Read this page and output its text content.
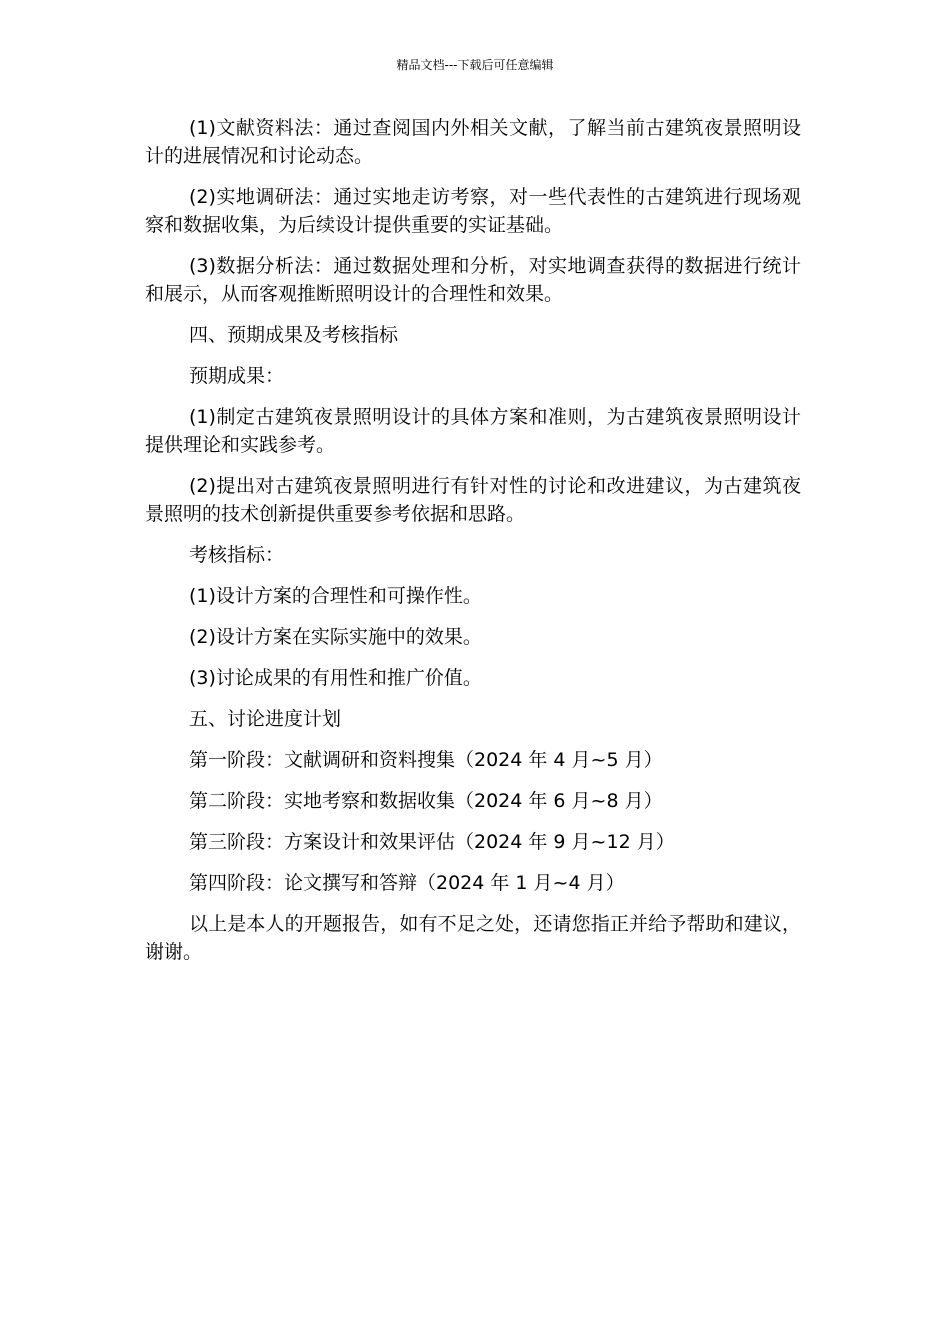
精品文档---下载后可任意编辑

(1)文献资料法：通过查阅国内外相关文献，了解当前古建筑夜景照明设计的进展情况和讨论动态。

(2)实地调研法：通过实地走访考察，对一些代表性的古建筑进行现场观察和数据收集，为后续设计提供重要的实证基础。

(3)数据分析法：通过数据处理和分析，对实地调查获得的数据进行统计和展示，从而客观推断照明设计的合理性和效果。

四、预期成果及考核指标

预期成果：

(1)制定古建筑夜景照明设计的具体方案和准则，为古建筑夜景照明设计提供理论和实践参考。

(2)提出对古建筑夜景照明进行有针对性的讨论和改进建议，为古建筑夜景照明的技术创新提供重要参考依据和思路。

考核指标：

(1)设计方案的合理性和可操作性。

(2)设计方案在实际实施中的效果。

(3)讨论成果的有用性和推广价值。

五、讨论进度计划

第一阶段：文献调研和资料搜集（2024 年 4 月~5 月）

第二阶段：实地考察和数据收集（2024 年 6 月~8 月）

第三阶段：方案设计和效果评估（2024 年 9 月~12 月）

第四阶段：论文撰写和答辩（2024 年 1 月~4 月）

以上是本人的开题报告，如有不足之处，还请您指正并给予帮助和建议，谢谢。
